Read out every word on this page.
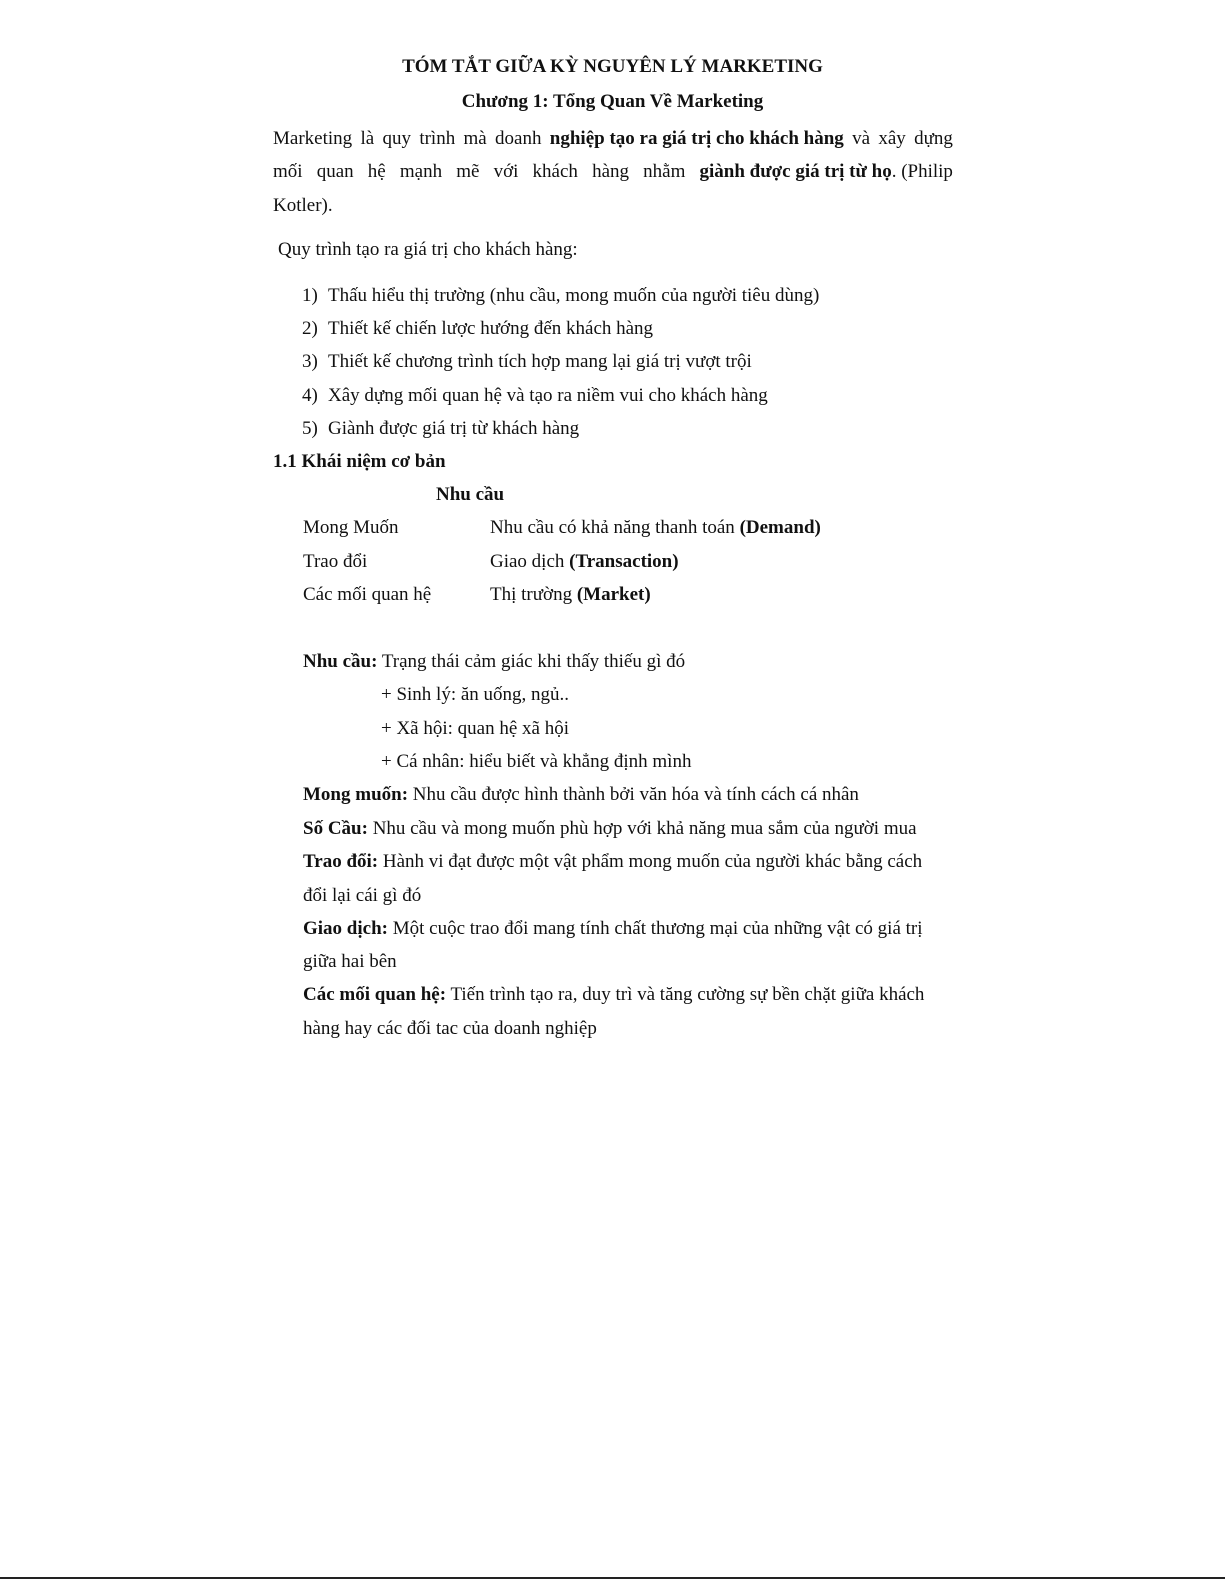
TÓM TẮT GIỮA KỲ NGUYÊN LÝ MARKETING
Chương 1: Tổng Quan Về Marketing
Marketing là quy trình mà doanh nghiệp tạo ra giá trị cho khách hàng và xây dựng
mối quan hệ mạnh mẽ với khách hàng nhằm giành được giá trị từ họ. (Philip
Kotler).
Quy trình tạo ra giá trị cho khách hàng:
1) Thấu hiểu thị trường (nhu cầu, mong muốn của người tiêu dùng)
2) Thiết kế chiến lược hướng đến khách hàng
3) Thiết kế chương trình tích hợp mang lại giá trị vượt trội
4) Xây dựng mối quan hệ và tạo ra niềm vui cho khách hàng
5) Giành được giá trị từ khách hàng
1.1 Khái niệm cơ bản
Nhu cầu
Mong Muốn	Nhu cầu có khả năng thanh toán (Demand)
Trao đổi	Giao dịch (Transaction)
Các mối quan hệ	Thị trường (Market)
Nhu cầu: Trạng thái cảm giác khi thấy thiếu gì đó
+ Sinh lý: ăn uống, ngủ..
+ Xã hội: quan hệ xã hội
+ Cá nhân: hiểu biết và khẳng định mình
Mong muốn: Nhu cầu được hình thành bởi văn hóa và tính cách cá nhân
Số Cầu: Nhu cầu và mong muốn phù hợp với khả năng mua sắm của người mua
Trao đổi: Hành vi đạt được một vật phẩm mong muốn của người khác bằng cách
đổi lại cái gì đó
Giao dịch: Một cuộc trao đổi mang tính chất thương mại của những vật có giá trị
giữa hai bên
Các mối quan hệ: Tiến trình tạo ra, duy trì và tăng cường sự bền chặt giữa khách
hàng hay các đối tac của doanh nghiệp
